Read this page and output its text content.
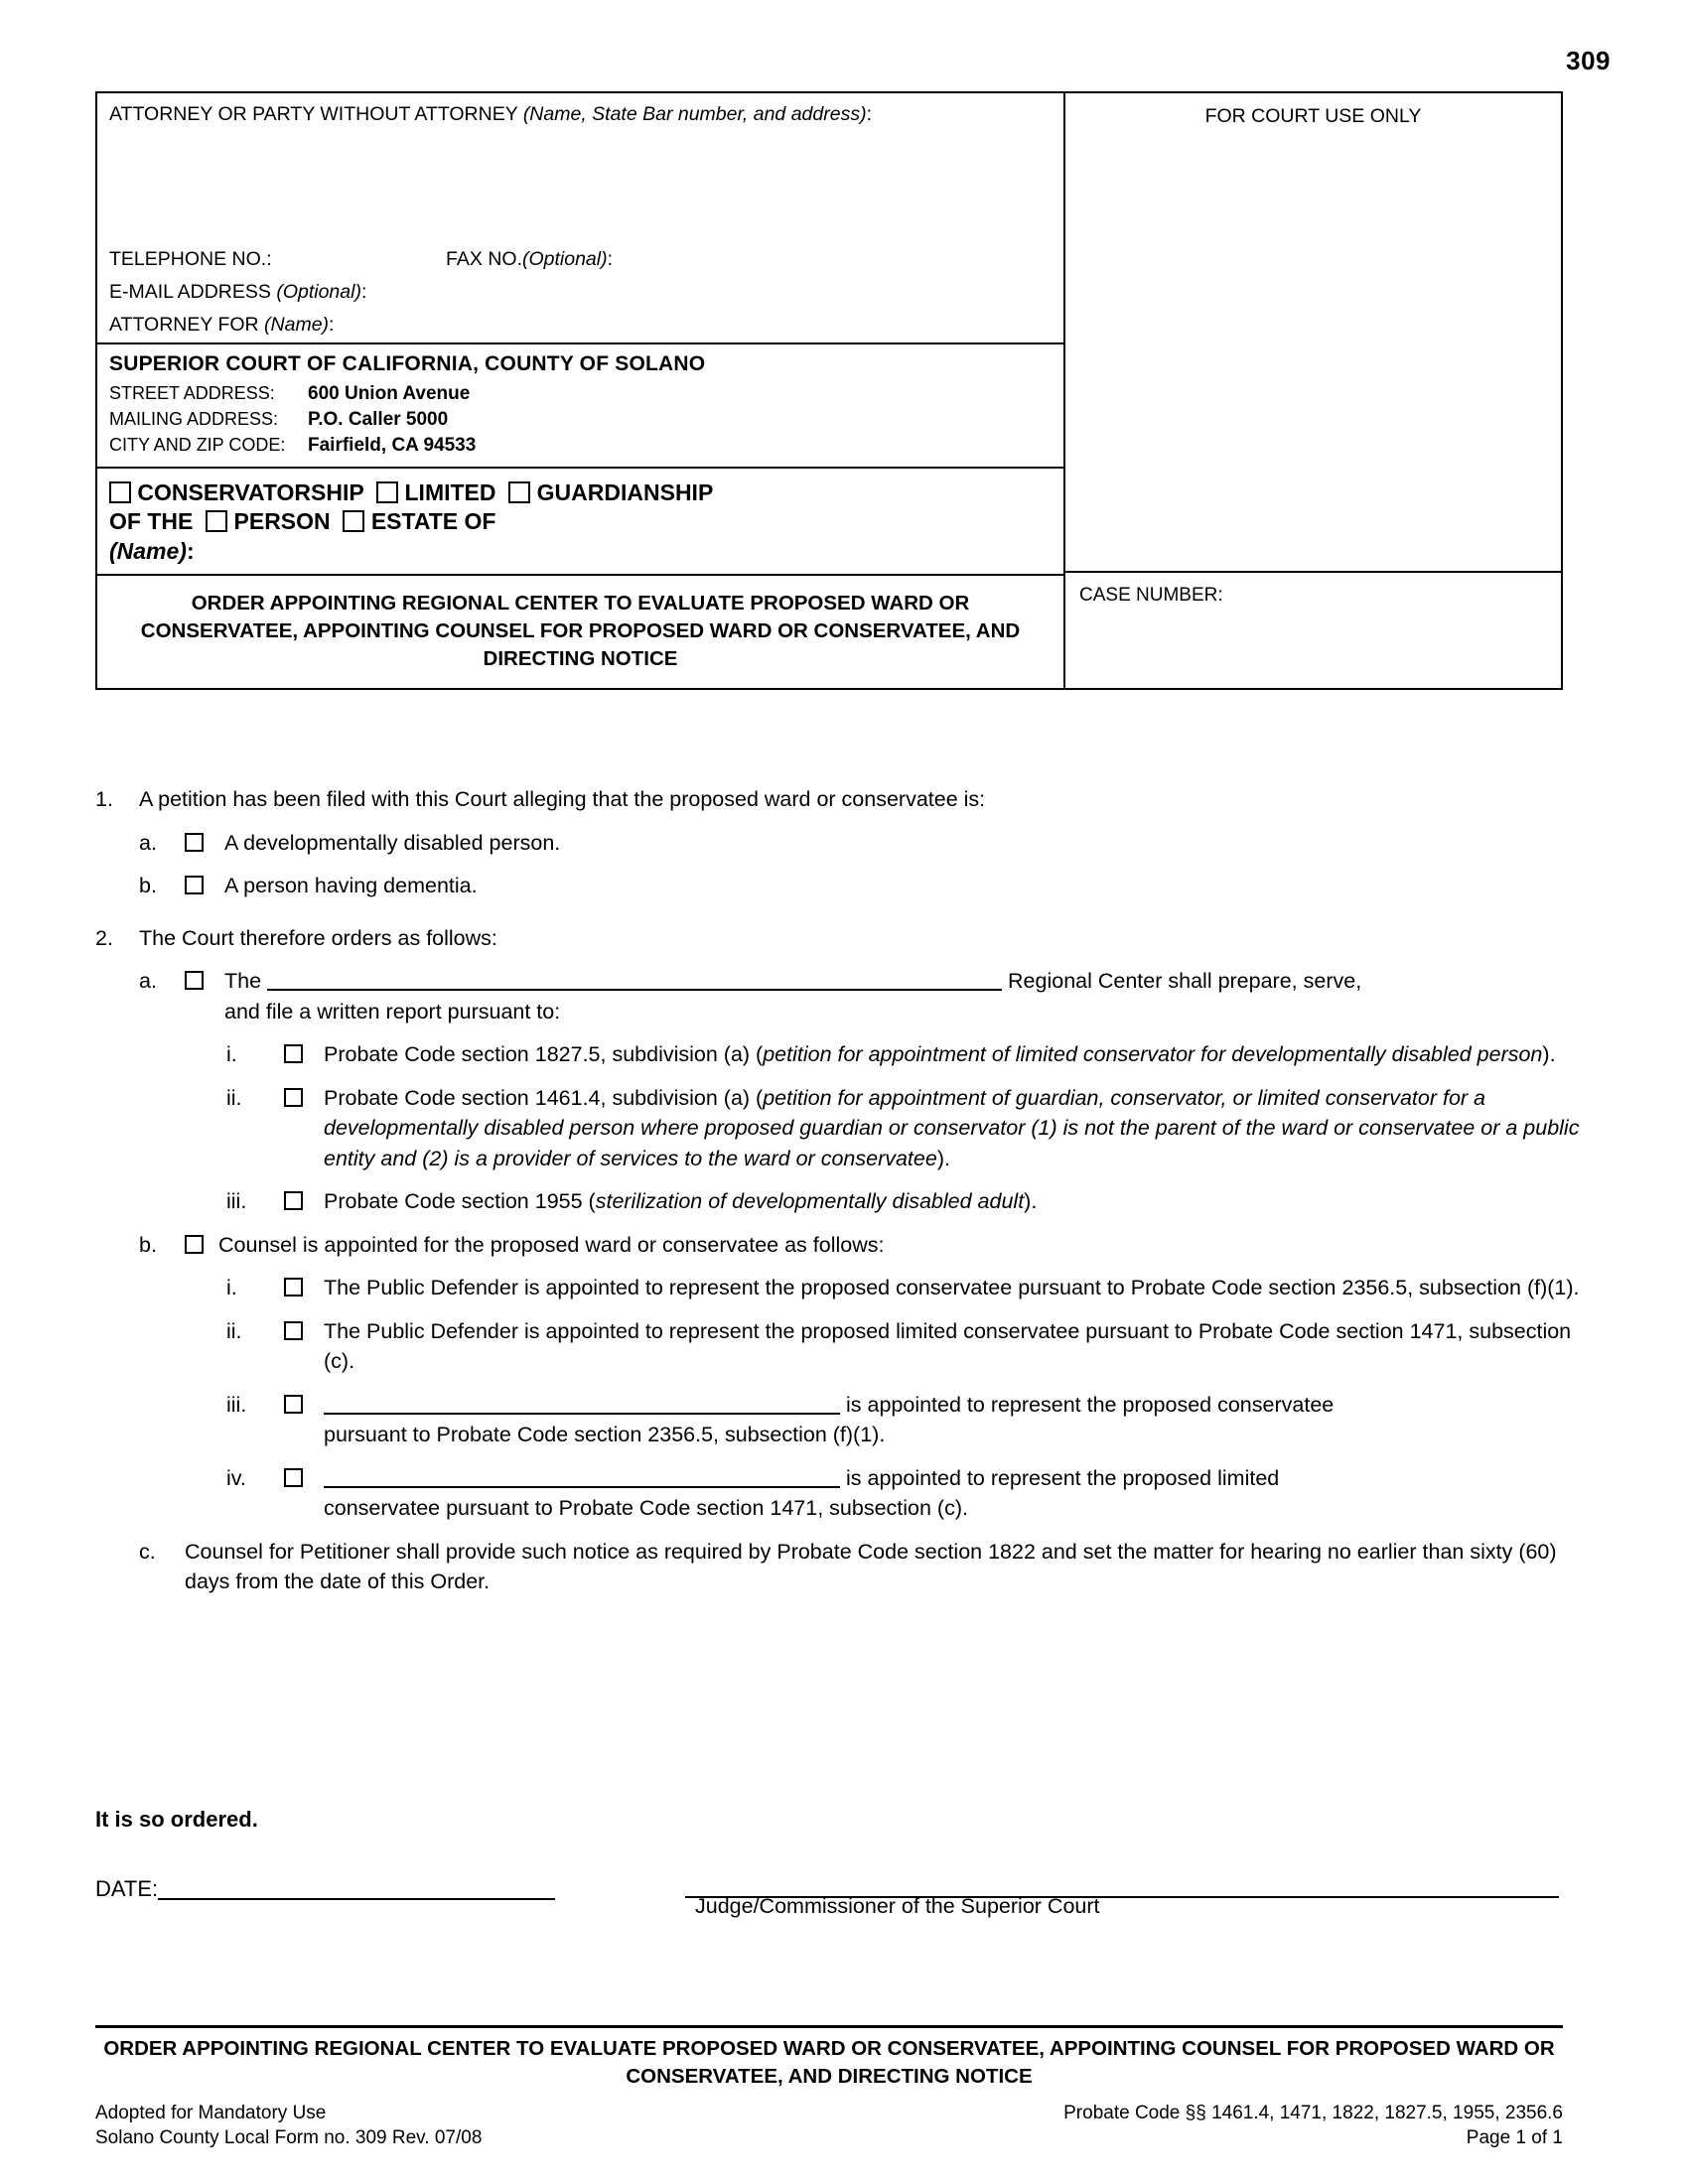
309
ATTORNEY OR PARTY WITHOUT ATTORNEY (Name, State Bar number, and address):
TELEPHONE NO.:	FAX NO.(Optional):
E-MAIL ADDRESS (Optional):
ATTORNEY FOR (Name):
SUPERIOR COURT OF CALIFORNIA, COUNTY OF SOLANO
STREET ADDRESS:	600 Union Avenue
MAILING ADDRESS:	P.O. Caller 5000
CITY AND ZIP CODE:	Fairfield, CA 94533
CONSERVATORSHIP LIMITED GUARDIANSHIP
OF THE PERSON ESTATE OF
(Name):
ORDER APPOINTING REGIONAL CENTER TO EVALUATE PROPOSED WARD OR CONSERVATEE, APPOINTING COUNSEL FOR PROPOSED WARD OR CONSERVATEE, AND DIRECTING NOTICE
FOR COURT USE ONLY
CASE NUMBER:
1.	A petition has been filed with this Court alleging that the proposed ward or conservatee is:
a.	A developmentally disabled person.
b.	A person having dementia.
2.	The Court therefore orders as follows:
a.	The	Regional Center shall prepare, serve,
and file a written report pursuant to:
i.	Probate Code section 1827.5, subdivision (a) (petition for appointment of limited conservator for developmentally disabled person).
ii.	Probate Code section 1461.4, subdivision (a) (petition for appointment of guardian, conservator, or limited conservator for a developmentally disabled person where proposed guardian or conservator (1) is not the parent of the ward or conservatee or a public entity and (2) is a provider of services to the ward or conservatee).
iii.	Probate Code section 1955 (sterilization of developmentally disabled adult).
b.	Counsel is appointed for the proposed ward or conservatee as follows:
i.	The Public Defender is appointed to represent the proposed conservatee pursuant to Probate Code section 2356.5, subsection (f)(1).
ii.	The Public Defender is appointed to represent the proposed limited conservatee pursuant to Probate Code section 1471, subsection (c).
iii.	is appointed to represent the proposed conservatee
pursuant to Probate Code section 2356.5, subsection (f)(1).
iv.	is appointed to represent the proposed limited
conservatee pursuant to Probate Code section 1471, subsection (c).
c.	Counsel for Petitioner shall provide such notice as required by Probate Code section 1822 and set the matter for hearing no earlier than sixty (60) days from the date of this Order.
It is so ordered.
DATE:
Judge/Commissioner of the Superior Court
ORDER APPOINTING REGIONAL CENTER TO EVALUATE PROPOSED WARD OR CONSERVATEE, APPOINTING COUNSEL FOR PROPOSED WARD OR CONSERVATEE, AND DIRECTING NOTICE
Adopted for Mandatory Use
Solano County Local Form no. 309 Rev. 07/08
Probate Code §§ 1461.4, 1471, 1822, 1827.5, 1955, 2356.6
Page 1 of 1
